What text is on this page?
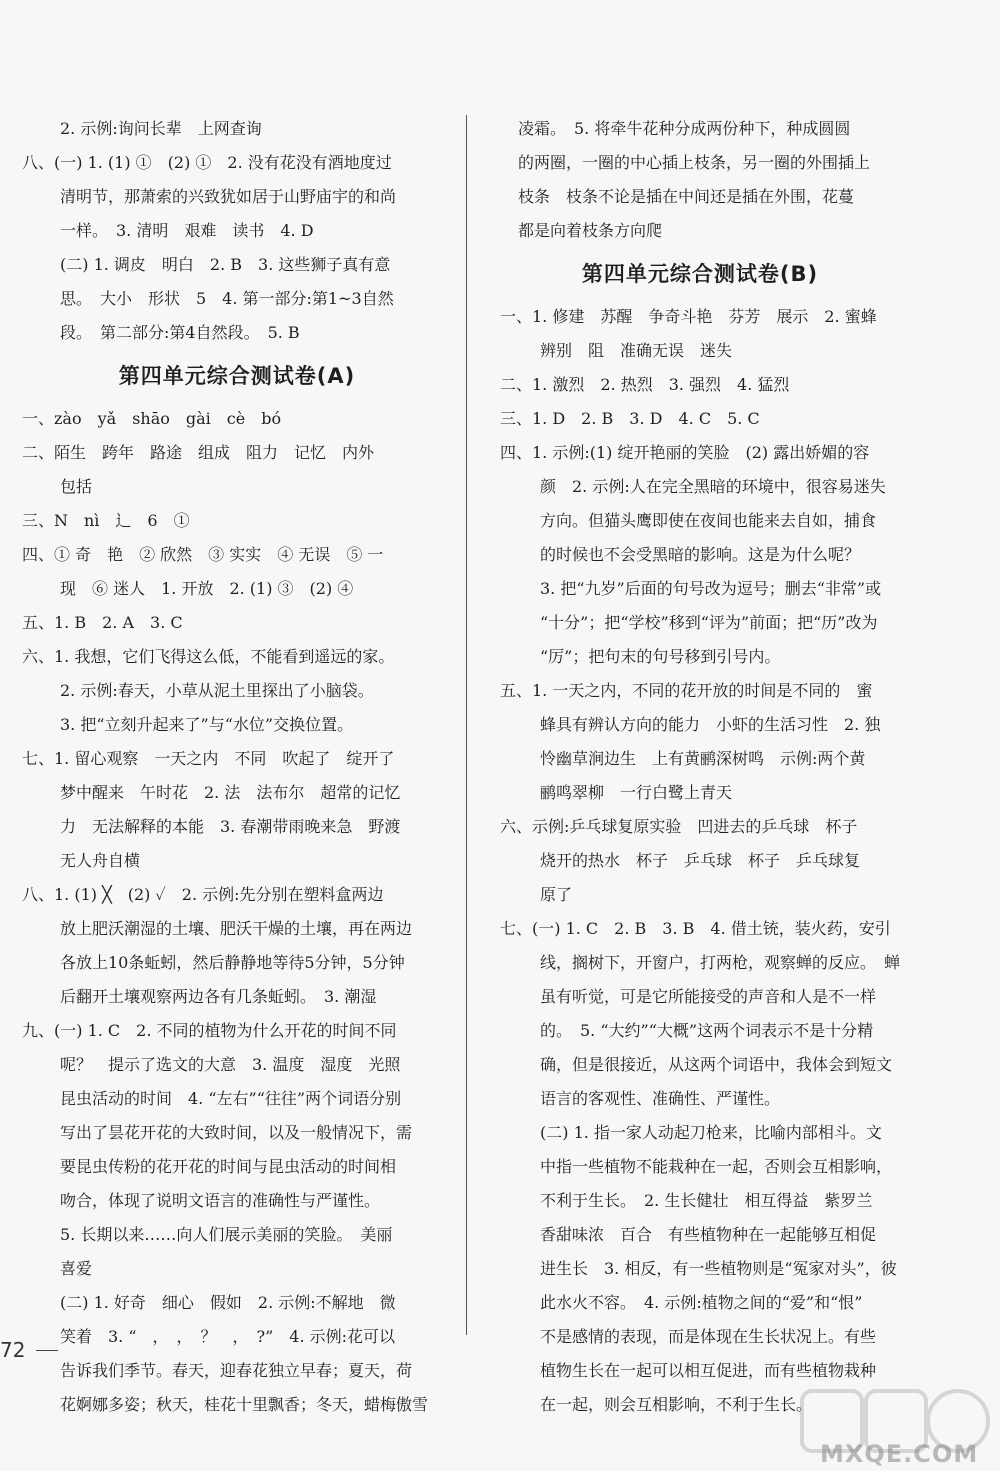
2. 示例:询问长辈　上网查询
八、(一) 1. (1) ①　(2) ①　2. 没有花没有酒地度过
清明节，那萧索的兴致犹如居于山野庙宇的和尚
一样。　3. 清明　艰难　读书　4. D
(二) 1. 调皮　明白　2. B　3. 这些狮子真有意
思。　大小　形状　5　4. 第一部分:第1~3自然
段。　第二部分:第4自然段。　5. B
第四单元综合测试卷(A)
一、zào　yǎ　shāo　gài　cè　bó
二、陌生　跨年　路途　组成　阻力　记忆　内外
包括
三、N　nì　辶　6　①
四、① 奇　艳　② 欣然　③ 实实　④ 无误　⑤ 一
现　⑥ 迷人　1. 开放　2. (1) ③　(2) ④
五、1. B　2. A　3. C
六、1. 我想，它们飞得这么低，不能看到遥远的家。
2. 示例:春天，小草从泥土里探出了小脑袋。
3. 把“立刻升起来了”与“水位”交换位置。
七、1. 留心观察　一天之内　不同　吹起了　绽开了
梦中醒来　午时花　2. 法　法布尔　超常的记忆
力　无法解释的本能　3. 春潮带雨晚来急　野渡
无人舟自横
八、1. (1) ╳　(2) ✓　2. 示例:先分别在塑料盒两边
放上肥沃潮湿的土壤、肥沃干燥的土壤，再在两边
各放上10条蚯蚓，然后静静地等待5分钟，5分钟
后翻开土壤观察两边各有几条蚯蚓。　3. 潮湿
九、(一) 1. C　2. 不同的植物为什么开花的时间不同
呢？　提示了选文的大意　3. 温度　湿度　光照
昆虫活动的时间　4. “左右”“往往”两个词语分别
写出了昙花开花的大致时间，以及一般情况下，需
要昆虫传粉的花开花的时间与昆虫活动的时间相
吻合，体现了说明文语言的准确性与严谨性。
5. 长期以来……向人们展示美丽的笑脸。　美丽
喜爱
(二) 1. 好奇　细心　假如　2. 示例:不解地　微
笑着　3. “　，　，　？　，　?”　4. 示例:花可以
告诉我们季节。春天，迎春花独立早春；夏天，荷
花婀娜多姿；秋天，桂花十里飘香；冬天，蜡梅傲雪
凌霜。　5. 将牵牛花种分成两份种下，种成圆圆
的两圈，一圈的中心插上枝条，另一圈的外围插上
枝条　枝条不论是插在中间还是插在外围，花蔓
都是向着枝条方向爬
第四单元综合测试卷(B)
一、1. 修建　苏醒　争奇斗艳　芬芳　展示　2. 蜜蜂
辨别　阻　准确无误　迷失
二、1. 激烈　2. 热烈　3. 强烈　4. 猛烈
三、1. D　2. B　3. D　4. C　5. C
四、1. 示例:(1) 绽开艳丽的笑脸　(2) 露出娇媚的容
颜　2. 示例:人在完全黑暗的环境中，很容易迷失
方向。但猫头鹰即使在夜间也能来去自如，捕食
的时候也不会受黑暗的影响。这是为什么呢？
3. 把“九岁”后面的句号改为逗号；删去“非常”或
“十分”；把“学校”移到“评为”前面；把“历”改为
“厉”；把句末的句号移到引号内。
五、1. 一天之内，不同的花开放的时间是不同的　蜜
蜂具有辨认方向的能力　小虾的生活习性　2. 独
怜幽草涧边生　上有黄鹂深树鸣　示例:两个黄
鹂鸣翠柳　一行白鹭上青天
六、示例:乒乓球复原实验　凹进去的乒乓球　杯子
烧开的热水　杯子　乒乓球　杯子　乒乓球复
原了
七、(一) 1. C　2. B　3. B　4. 借土铳，装火药，安引
线，搁树下，开窗户，打两枪，观察蝉的反应。　蝉
虽有听觉，可是它所能接受的声音和人是不一样
的。　5. “大约”“大概”这两个词表示不是十分精
确，但是很接近，从这两个词语中，我体会到短文
语言的客观性、准确性、严谨性。
(二) 1. 指一家人动起刀枪来，比喻内部相斗。文
中指一些植物不能栽种在一起，否则会互相影响，
不利于生长。　2. 生长健壮　相互得益　紫罗兰
香甜味浓　百合　有些植物种在一起能够互相促
进生长　3. 相反，有一些植物则是“冤家对头”，彼
此水火不容。　4. 示例:植物之间的“爱”和“恨”
不是感情的表现，而是体现在生长状况上。有些
植物生长在一起可以相互促进，而有些植物栽种
在一起，则会互相影响，不利于生长。
72
MXQE.COM
